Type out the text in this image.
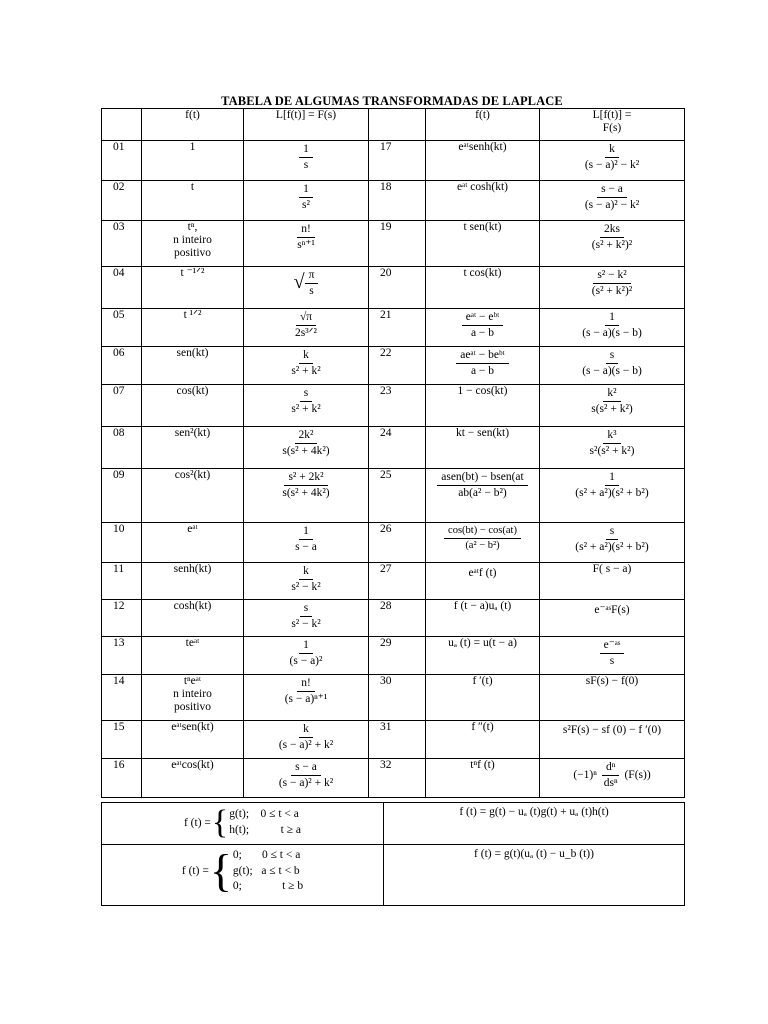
TABELA DE ALGUMAS TRANSFORMADAS DE LAPLACE
	f(t)	L[f(t)] = F(s)		f(t)	L[f(t)] =
F(s)

01	1	$\frac{1}{s}$	17	eᵃᵗsenh(kt)	$\frac{k}{\text{(s − a)² − k²}}$

02	t	$\frac{1}{\text{s²}}$	18	eᵃᵗ cosh(kt)	$\frac{s - a}{\text{(s − a)² − k²}}$

03	tⁿ,
n inteiro
positivo	$\frac{n!}{\text{sⁿ⁺¹}}$	19	t sen(kt)	$\frac{2ks}{\text{(s² + k²)²}}$

04	t ⁻¹ᐟ²	√ $\frac{\pi}{s}$	20	t cos(kt)	$\frac{\text{s² − k²}}{\text{(s² + k²)²}}$

05	t ¹ᐟ²	$\frac{√\pi}{\text{2s³ᐟ²}}$	21	$\frac{\text{eᵃᵗ − eᵇᵗ}}{a - b}$	$\frac{1}{(s - a)(s - b)}$

06	sen(kt)	$\frac{k}{\text{s² + k²}}$	22	$\frac{\text{aeᵃᵗ − beᵇᵗ}}{a - b}$	$\frac{s}{(s - a)(s - b)}$

07	cos(kt)	$\frac{s}{\text{s² + k²}}$	23	1 − cos(kt)	$\frac{\text{k²}}{\text{s(s² + k²)}}$

08	sen²(kt)	$\frac{\text{2k²}}{\text{s(s² + 4k²)}}$	24	kt − sen(kt)	$\frac{\text{k³}}{\text{s²(s² + k²)}}$

09	cos²(kt)	$\frac{\text{s² + 2k²}}{\text{s(s² + 4k²)}}$	25	$\frac{\text{asen(bt) − bsen(at}}{\text{ab(a² − b²)}}$	$\frac{1}{\text{(s² + a²)(s² + b²)}}$

10	eᵃᵗ	$\frac{1}{s - a}$	26	$\frac{\cos(bt) - \cos(at)}{\text{(a² − b²)}}$	$\frac{s}{\text{(s² + a²)(s² + b²)}}$

11	senh(kt)	$\frac{k}{\text{s² − k²}}$	27	eᵃᵗf (t)	F( s − a)
12	cosh(kt)	$\frac{s}{\text{s² − k²}}$	28	f (t − a)uₐ (t)	e⁻ᵃˢF(s)
13	teᵃᵗ	$\frac{1}{\text{(s − a)²}}$	29	uₐ (t) = u(t − a)	$\frac{\text{e⁻ᵃˢ}}{s}$

14	tⁿeᵃᵗ
n inteiro
positivo	$\frac{n!}{\text{(s − a)ⁿ⁺¹}}$	30	f ′(t)	sF(s) − f(0)
15	eᵃᵗsen(kt)	$\frac{k}{\text{(s − a)² + k²}}$	31	f ″(t)	s²F(s) − sf (0) − f ′(0)
16	eᵃᵗcos(kt)	$\frac{s - a}{\text{(s − a)² + k²}}$	32	tⁿf (t)	$(-1)^n \frac{\text{dⁿ}}{\text{dsⁿ}} (F(s))$
f (t) = { g(t);    0 ≤ t < a
h(t);           t ≥ a	f (t) = g(t) − uₐ (t)g(t) + uₐ (t)h(t)

f (t) = { 0;       0 ≤ t < a
g(t);   a ≤ t < b
0;              t ≥ b	f (t) = g(t)(uₐ (t) − u_b (t))
